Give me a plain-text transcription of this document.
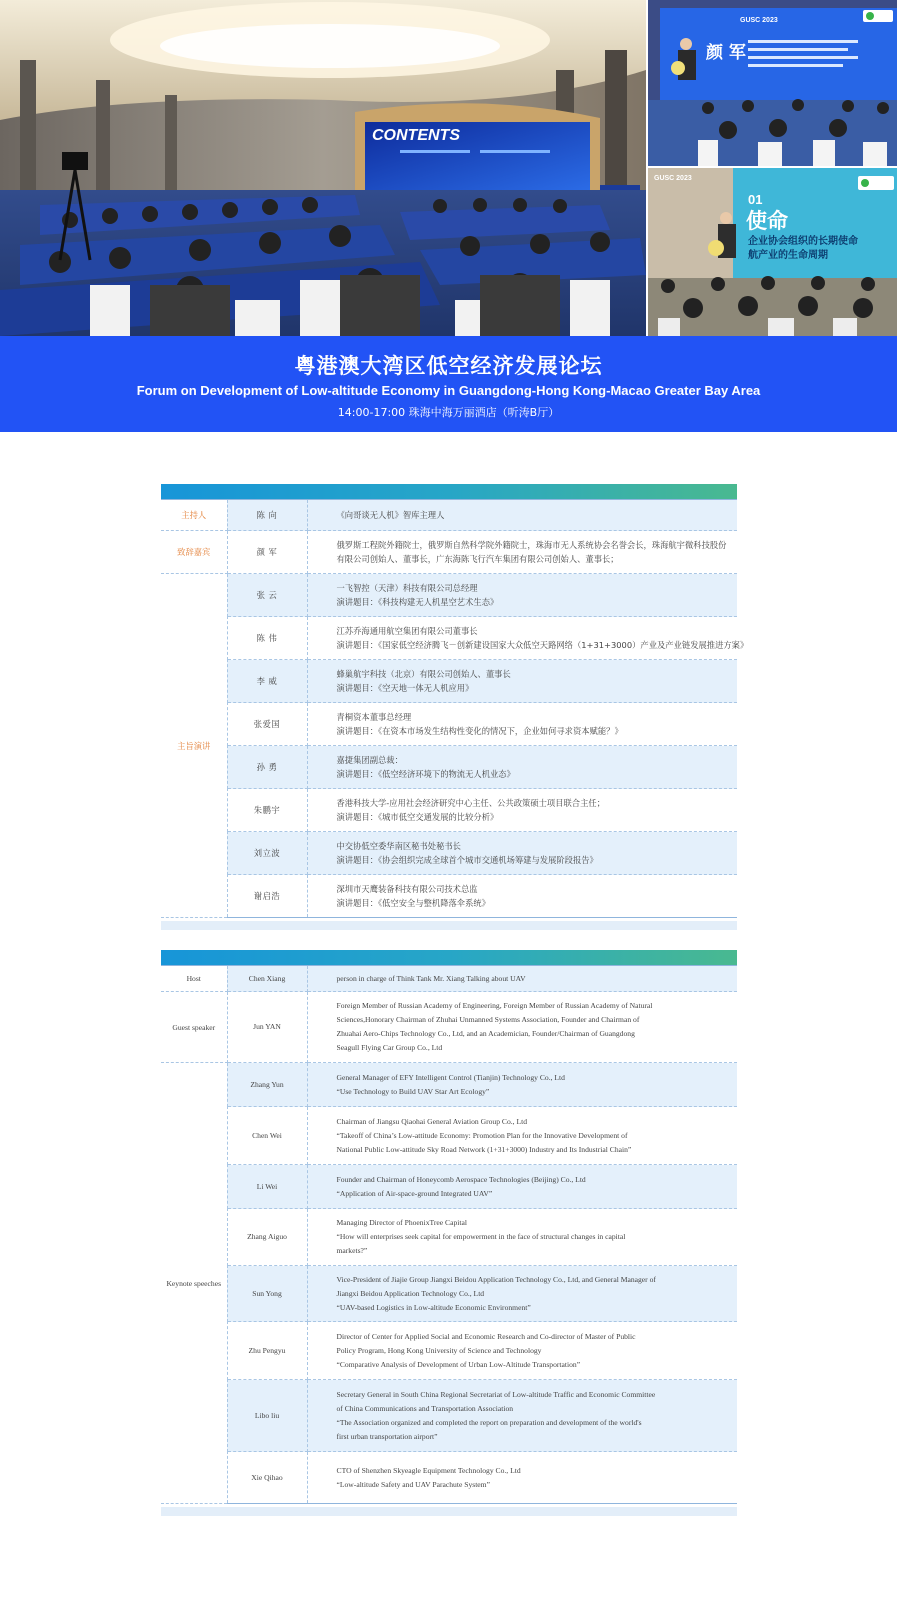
CONTENTS
GUSC 2023
颜 军
GUSC 2023
01
使命
企业协会组织的长期使命
航产业的生命周期
粤港澳大湾区低空经济发展论坛
Forum on Development of Low-altitude Economy in Guangdong-Hong Kong-Macao Greater Bay Area
14:00-17:00 珠海中海万丽酒店（听涛B厅）
主持人	陈 向	《向哥谈无人机》智库主理人

致辞嘉宾	颜 军	俄罗斯工程院外籍院士，俄罗斯自然科学院外籍院士，珠海市无人系统协会名誉会长，珠海航宇微科技股份
有限公司创始人、董事长，广东海陈飞行汽车集团有限公司创始人、董事长；

主旨演讲	张 云	一飞智控（天津）科技有限公司总经理
演讲题目：《科技构建无人机星空艺术生态》

	陈 伟	江苏乔海通用航空集团有限公司董事长
演讲题目：《国家低空经济腾飞－创新建设国家大众低空天路网络（1+31+3000）产业及产业链发展推进方案》

	李 威	蜂巢航宇科技（北京）有限公司创始人、董事长
演讲题目：《空天地一体无人机应用》

	张爱国	青桐资本董事总经理
演讲题目：《在资本市场发生结构性变化的情况下，企业如何寻求资本赋能？》

	孙 勇	嘉捷集团副总裁：
演讲题目：《低空经济环境下的物流无人机业态》

	朱鹏宇	香港科技大学-应用社会经济研究中心主任、公共政策硕士项目联合主任；
演讲题目：《城市低空交通发展的比较分析》

	刘立波	中交协低空委华南区秘书处秘书长
演讲题目：《协会组织完成全球首个城市交通机场筹建与发展阶段报告》

	谢启浩	深圳市天鹰装备科技有限公司技术总监
演讲题目：《低空安全与整机降落伞系统》
Host	Chen Xiang	person in charge of Think Tank Mr. Xiang Talking about UAV

Guest speaker	Jun YAN	Foreign Member of Russian Academy of Engineering, Foreign Member of Russian Academy of Natural
Sciences,Honorary Chairman of Zhuhai Unmanned Systems Association, Founder and Chairman of
Zhuahai Aero-Chips Technology Co., Ltd, and an Academician, Founder/Chairman of Guangdong
Seagull Flying Car Group Co., Ltd

Keynote speeches	Zhang Yun	General Manager of EFY Intelligent Control (Tianjin) Technology Co., Ltd
“Use Technology to Build UAV Star Art Ecology”

	Chen Wei	Chairman of Jiangsu Qiaohai General Aviation Group Co., Ltd
“Takeoff of China’s Low-attitude Economy: Promotion Plan for the Innovative Development of
National Public Low-attitude Sky Road Network (1+31+3000) Industry and Its Industrial Chain”

	Li Wei	Founder and Chairman of Honeycomb Aerospace Technologies (Beijing) Co., Ltd
“Application of Air-space-ground Integrated UAV”

	Zhang Aiguo	Managing Director of PhoenixTree Capital
“How will enterprises seek capital for empowerment in the face of structural changes in capital
markets?”

	Sun Yong	Vice-President of Jiajie Group Jiangxi Beidou Application Technology Co., Ltd, and General Manager of
Jiangxi Beidou Application Technology Co., Ltd
“UAV-based Logistics in Low-altitude Economic Environment”

	Zhu Pengyu	Director of Center for Applied Social and Economic Research and Co-director of Master of Public
Policy Program, Hong Kong University of Science and Technology
“Comparative Analysis of Development of Urban Low-Altitude Transportation”

	Libo liu	Secretary General in South China Regional Secretariat of Low-altitude Traffic and Economic Committee
of China Communications and Transportation Association
“The Association organized and completed the report on preparation and development of the world's
first urban transportation airport”

	Xie Qihao	CTO of Shenzhen Skyeagle Equipment Technology Co., Ltd
“Low-altitude Safety and UAV Parachute System”
